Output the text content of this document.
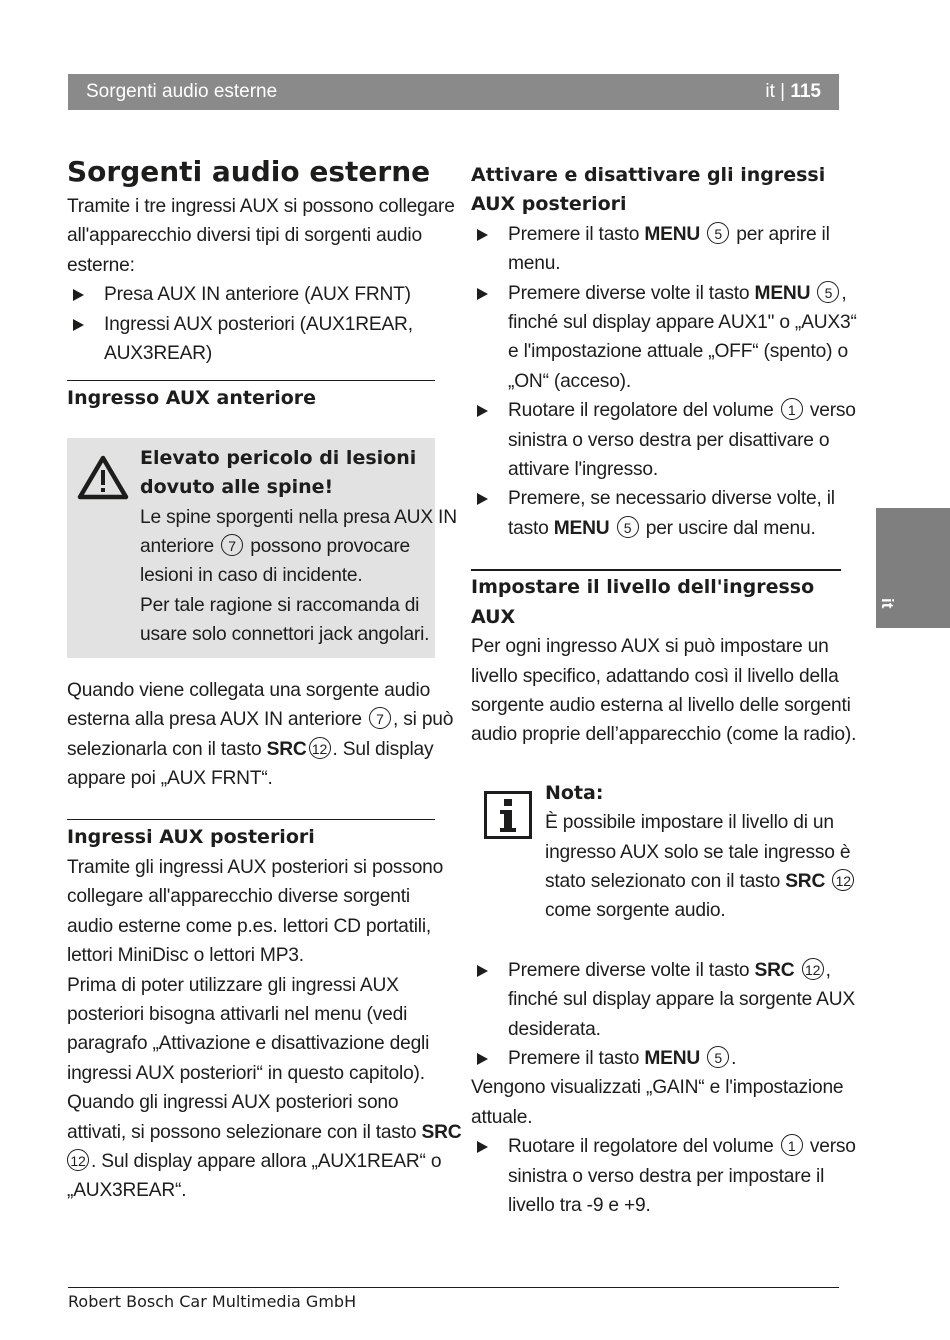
Sorgenti audio esterne	it | 115
it
Sorgenti audio esterne
Tramite i tre ingressi AUX si possono collegare
all'apparecchio diversi tipi di sorgenti audio
esterne:
Presa AUX IN anteriore (AUX FRNT)
Ingressi AUX posteriori (AUX1REAR,
AUX3REAR)
Ingresso AUX anteriore
Elevato pericolo di lesioni
dovuto alle spine!
Le spine sporgenti nella presa AUX IN
anteriore 7 possono provocare
lesioni in caso di incidente.
Per tale ragione si raccomanda di
usare solo connettori jack angolari.
Quando viene collegata una sorgente audio
esterna alla presa AUX IN anteriore 7 , si può
selezionarla con il tasto SRC 12 . Sul display
appare poi „AUX FRNT“.
Ingressi AUX posteriori
Tramite gli ingressi AUX posteriori si possono
collegare all'apparecchio diverse sorgenti
audio esterne come p.es. lettori CD portatili,
lettori MiniDisc o lettori MP3.
Prima di poter utilizzare gli ingressi AUX
posteriori bisogna attivarli nel menu (vedi
paragrafo „Attivazione e disattivazione degli
ingressi AUX posteriori“ in questo capitolo).
Quando gli ingressi AUX posteriori sono
attivati, si possono selezionare con il tasto SRC
12 . Sul display appare allora „AUX1REAR“ o
„AUX3REAR“.
Attivare e disattivare gli ingressi
AUX posteriori
Premere il tasto MENU 5 per aprire il
menu.
Premere diverse volte il tasto MENU 5 ,
finché sul display appare AUX1" o „AUX3“
e l'impostazione attuale „OFF“ (spento) o
„ON“ (acceso).
Ruotare il regolatore del volume 1 verso
sinistra o verso destra per disattivare o
attivare l'ingresso.
Premere, se necessario diverse volte, il
tasto MENU 5 per uscire dal menu.
Impostare il livello dell'ingresso
AUX
Per ogni ingresso AUX si può impostare un
livello specifico, adattando così il livello della
sorgente audio esterna al livello delle sorgenti
audio proprie dell’apparecchio (come la radio).
Nota:
È possibile impostare il livello di un
ingresso AUX solo se tale ingresso è
stato selezionato con il tasto SRC 12
come sorgente audio.
Premere diverse volte il tasto SRC 12 ,
finché sul display appare la sorgente AUX
desiderata.
Premere il tasto MENU 5 .
Vengono visualizzati „GAIN“ e l'impostazione
attuale.
Ruotare il regolatore del volume 1 verso
sinistra o verso destra per impostare il
livello tra -9 e +9.
Robert Bosch Car Multimedia GmbH
